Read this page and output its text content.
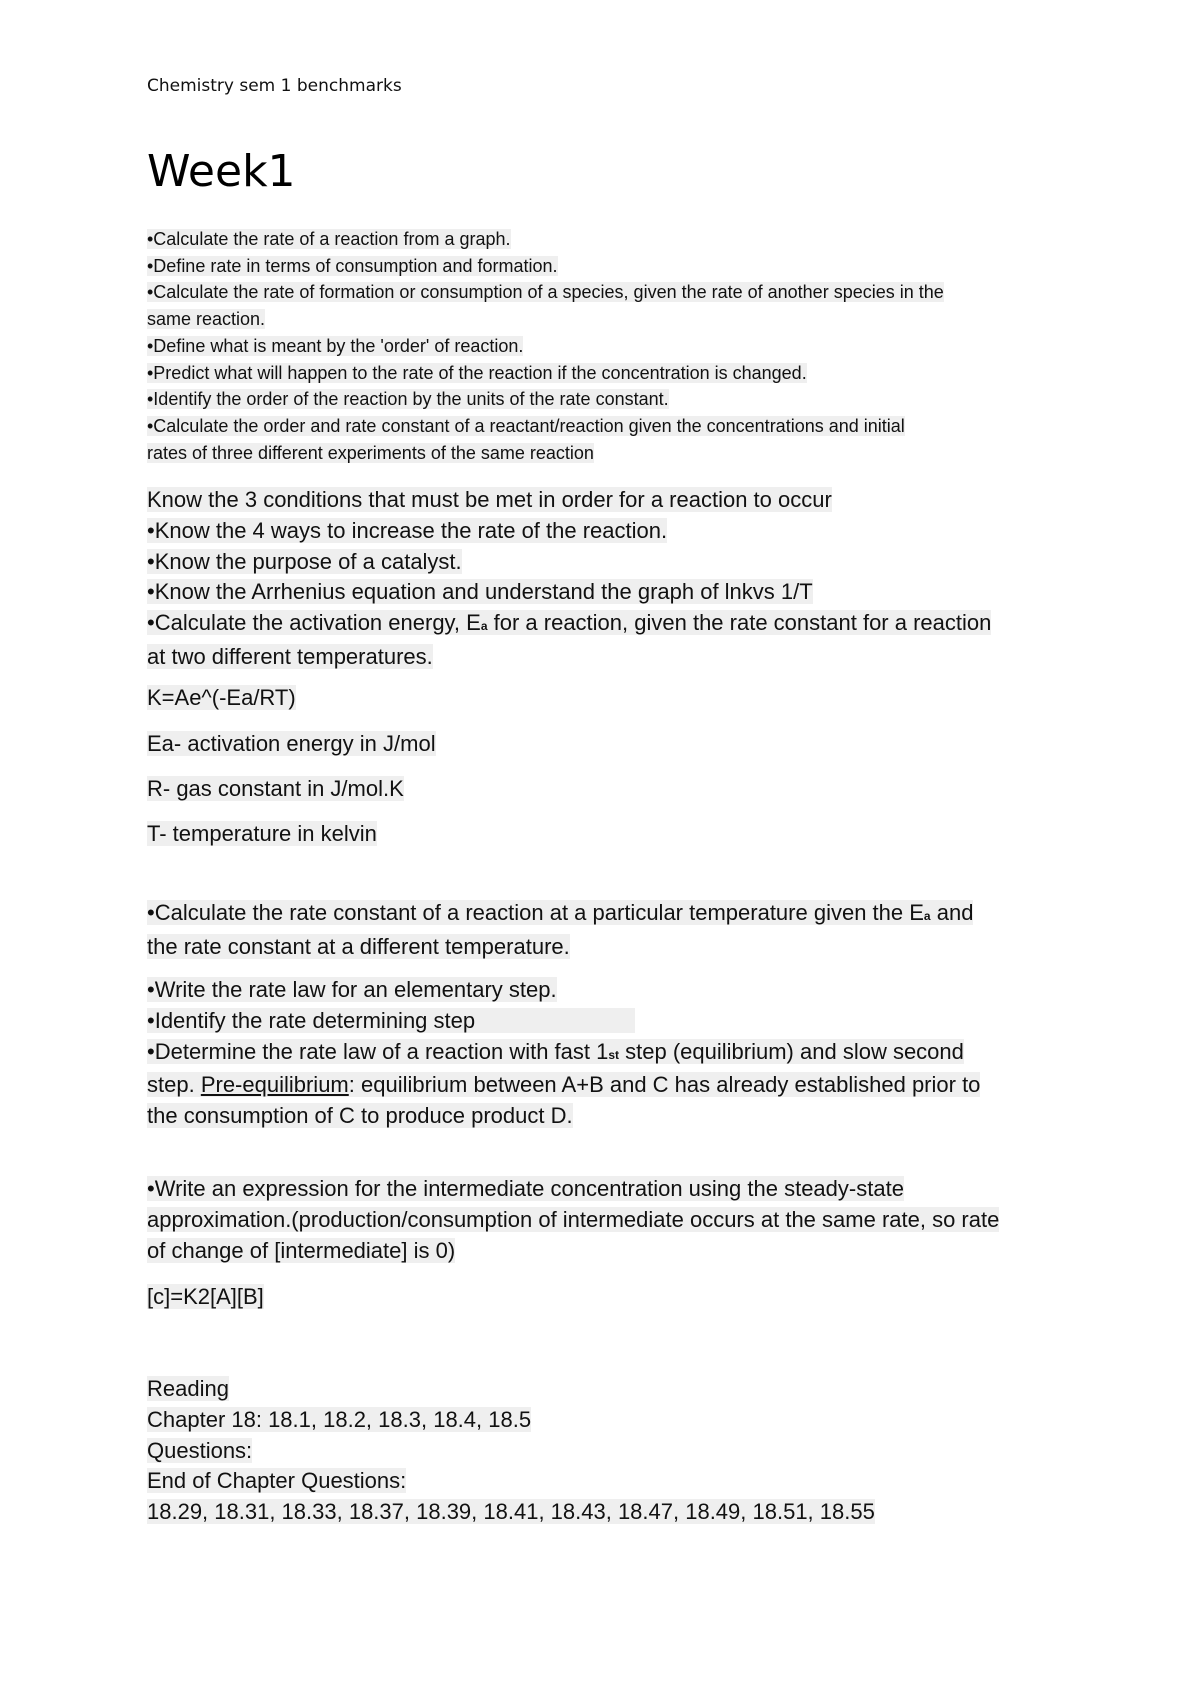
Chemistry sem 1 benchmarks
Week1
•Calculate the rate of a reaction from a graph.
•Define rate in terms of consumption and formation.
•Calculate the rate of formation or consumption of a species, given the rate of another species in the
same reaction.
•Define what is meant by the 'order' of reaction.
•Predict what will happen to the rate of the reaction if the concentration is changed.
•Identify the order of the reaction by the units of the rate constant.
•Calculate the order and rate constant of a reactant/reaction given the concentrations and initial
rates of three different experiments of the same reaction
Know the 3 conditions that must be met in order for a reaction to occur
•Know the 4 ways to increase the rate of the reaction.
•Know the purpose of a catalyst.
•Know the Arrhenius equation and understand the graph of lnkvs 1/T
•Calculate the activation energy, Ea for a reaction, given the rate constant for a reaction
at two different temperatures.
K=Ae^(-Ea/RT)
Ea- activation energy in J/mol
R- gas constant in J/mol.K
T- temperature in kelvin
•Calculate the rate constant of a reaction at a particular temperature given the Ea and
the rate constant at a different temperature.
•Write the rate law for an elementary step.
•Identify the rate determining step
•Determine the rate law of a reaction with fast 1st step (equilibrium) and slow second
step. Pre-equilibrium: equilibrium between A+B and C has already established prior to
the consumption of C to produce product D.
•Write an expression for the intermediate concentration using the steady-state
approximation.(production/consumption of intermediate occurs at the same rate, so rate
of change of [intermediate] is 0)
[c]=K2[A][B]
Reading
Chapter 18: 18.1, 18.2, 18.3, 18.4, 18.5
Questions:
End of Chapter Questions:
18.29, 18.31, 18.33, 18.37, 18.39, 18.41, 18.43, 18.47, 18.49, 18.51, 18.55
